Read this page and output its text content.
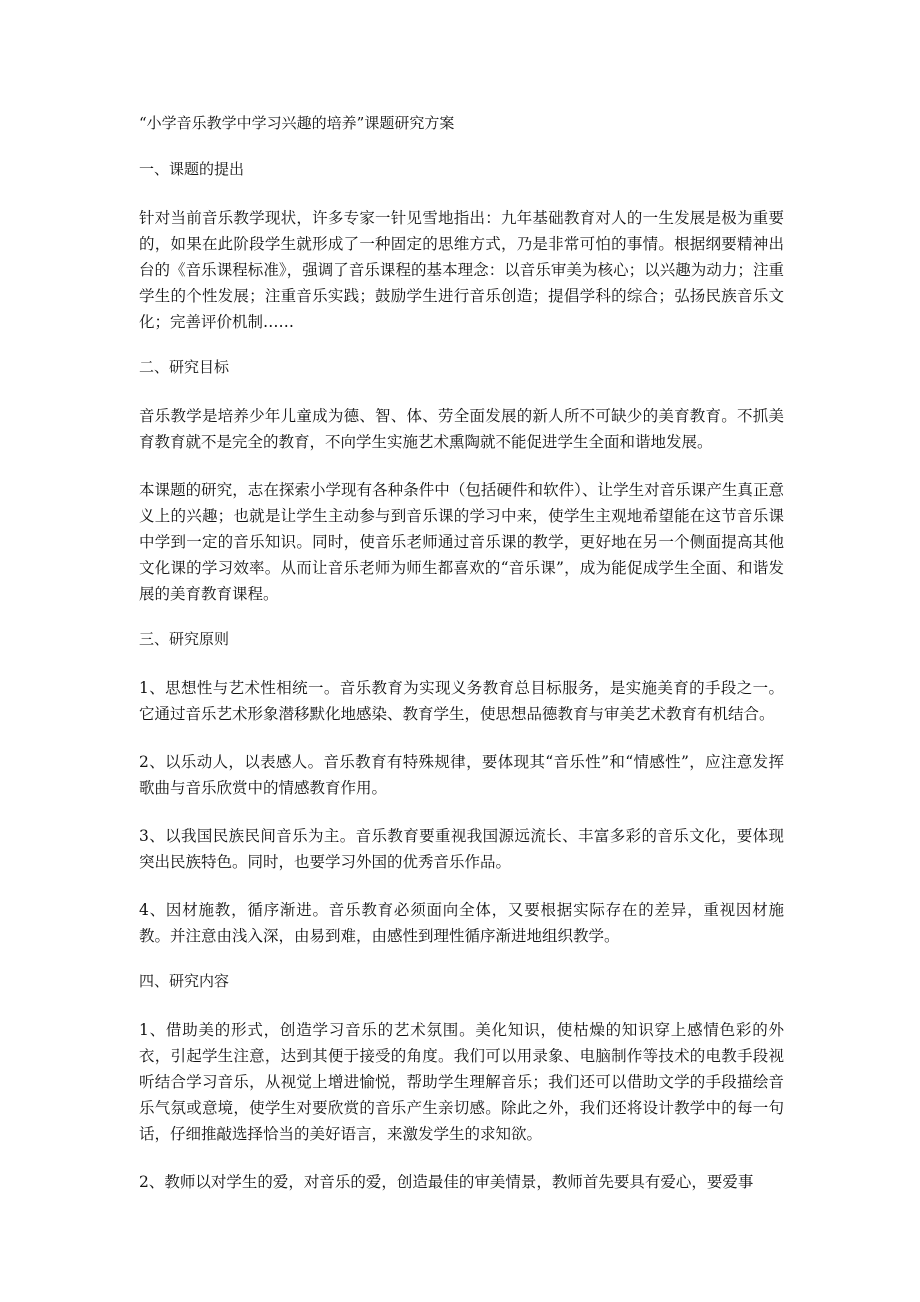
“小学音乐教学中学习兴趣的培养”课题研究方案
一、课题的提出

针对当前音乐教学现状，许多专家一针见雪地指出：九年基础教育对人的一生发展是极为重要的，如果在此阶段学生就形成了一种固定的思维方式，乃是非常可怕的事情。根据纲要精神出台的《音乐课程标准》，强调了音乐课程的基本理念：以音乐审美为核心；以兴趣为动力；注重学生的个性发展；注重音乐实践；鼓励学生进行音乐创造；提倡学科的综合；弘扬民族音乐文化；完善评价机制……

二、研究目标

音乐教学是培养少年儿童成为德、智、体、劳全面发展的新人所不可缺少的美育教育。不抓美育教育就不是完全的教育，不向学生实施艺术熏陶就不能促进学生全面和谐地发展。

本课题的研究，志在探索小学现有各种条件中（包括硬件和软件）、让学生对音乐课产生真正意义上的兴趣；也就是让学生主动参与到音乐课的学习中来，使学生主观地希望能在这节音乐课中学到一定的音乐知识。同时，使音乐老师通过音乐课的教学，更好地在另一个侧面提高其他文化课的学习效率。从而让音乐老师为师生都喜欢的“音乐课”，成为能促成学生全面、和谐发展的美育教育课程。

三、研究原则

1、思想性与艺术性相统一。音乐教育为实现义务教育总目标服务，是实施美育的手段之一。它通过音乐艺术形象潜移默化地感染、教育学生，使思想品德教育与审美艺术教育有机结合。

2、以乐动人，以表感人。音乐教育有特殊规律，要体现其“音乐性”和“情感性”，应注意发挥歌曲与音乐欣赏中的情感教育作用。

3、以我国民族民间音乐为主。音乐教育要重视我国源远流长、丰富多彩的音乐文化，要体现突出民族特色。同时，也要学习外国的优秀音乐作品。

4、因材施教，循序渐进。音乐教育必须面向全体，又要根据实际存在的差异，重视因材施教。并注意由浅入深，由易到难，由感性到理性循序渐进地组织教学。

四、研究内容

1、借助美的形式，创造学习音乐的艺术氛围。美化知识，使枯燥的知识穿上感情色彩的外衣，引起学生注意，达到其便于接受的角度。我们可以用录象、电脑制作等技术的电教手段视听结合学习音乐，从视觉上增进愉悦，帮助学生理解音乐；我们还可以借助文学的手段描绘音乐气氛或意境，使学生对要欣赏的音乐产生亲切感。除此之外，我们还将设计教学中的每一句话，仔细推敲选择恰当的美好语言，来激发学生的求知欲。

2、教师以对学生的爱，对音乐的爱，创造最佳的审美情景，教师首先要具有爱心，要爱事
